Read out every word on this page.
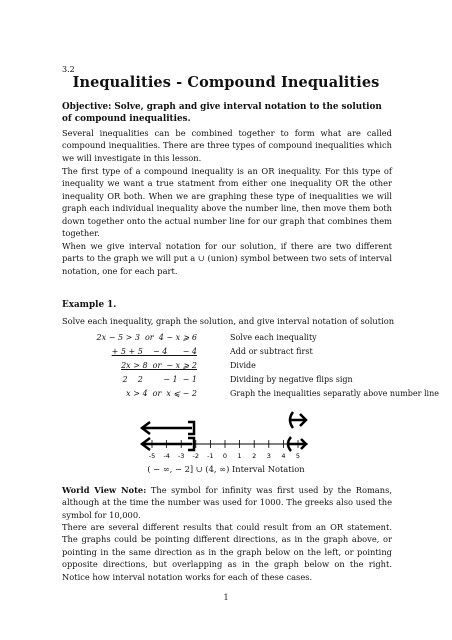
3.2
Inequalities - Compound Inequalities
Objective: Solve, graph and give interval notation to the solution of compound inequalities.
Several inequalities can be combined together to form what are called compound inequalities. There are three types of compound inequalities which we will investigate in this lesson.
The first type of a compound inequality is an OR inequality. For this type of inequality we want a true statment from either one inequality OR the other inequality OR both. When we are graphing these type of inequalities we will graph each individual inequality above the number line, then move them both down together onto the actual number line for our graph that combines them together.
When we give interval notation for our solution, if there are two different parts to the graph we will put a ∪ (union) symbol between two sets of interval notation, one for each part.
Example 1.
Solve each inequality, graph the solution, and give interval notation of solution
2x − 5 > 3  or  4 − x ⩾ 6	Solve each inequality
+ 5 + 5    − 4      − 4	Add or subtract first
2x > 8  or  − x ⩾ 2	Divide
2    2        − 1  − 1	Dividing by negative flips sign
x > 4  or  x ⩽ − 2	Graph the inequalities separatly above number line
-5 -4 -3 -2 -1 0 1 2 3 4 5
( − ∞, − 2] ∪ (4, ∞) Interval Notation
World View Note: The symbol for infinity was first used by the Romans, although at the time the number was used for 1000. The greeks also used the symbol for 10,000.
There are several different results that could result from an OR statement. The graphs could be pointing different directions, as in the graph above, or pointing in the same direction as in the graph below on the left, or pointing opposite directions, but overlapping as in the graph below on the right. Notice how interval notation works for each of these cases.
1
